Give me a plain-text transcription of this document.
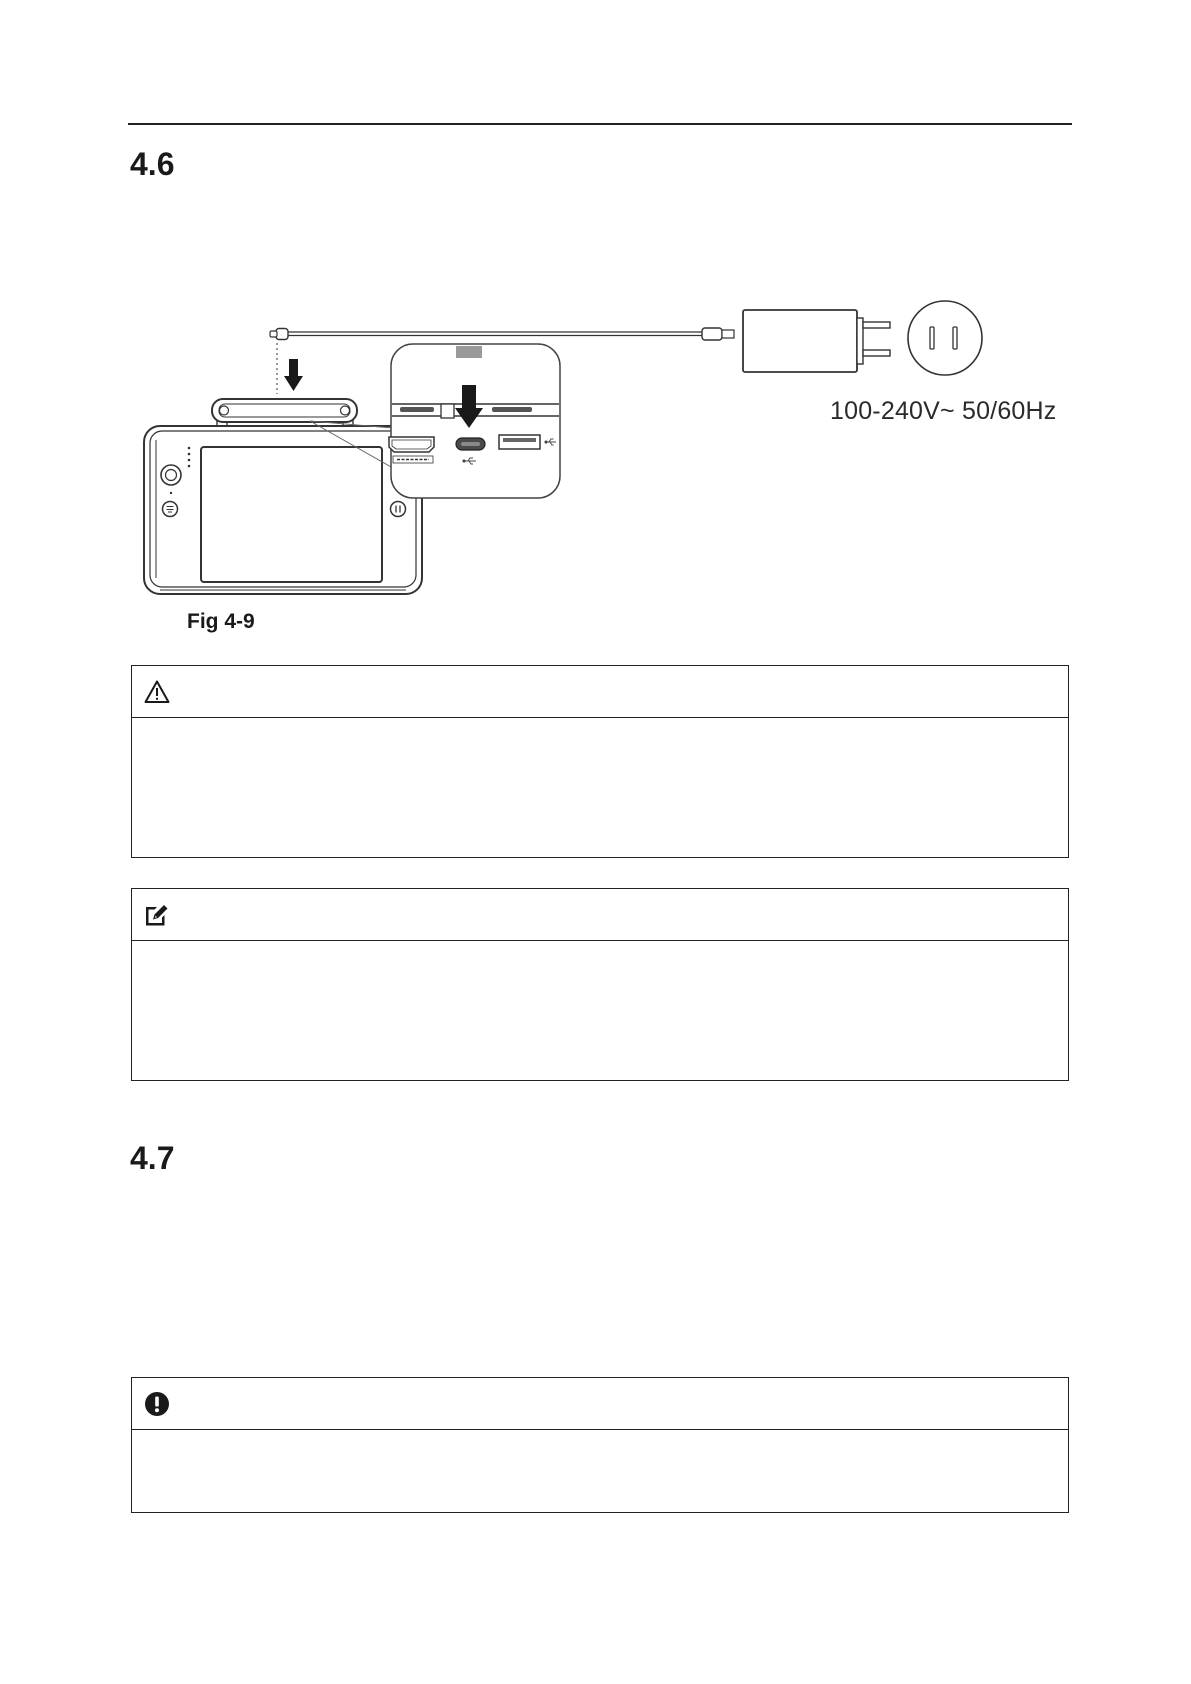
4.6
100-240V~ 50/60Hz
Fig 4-9
4.7
